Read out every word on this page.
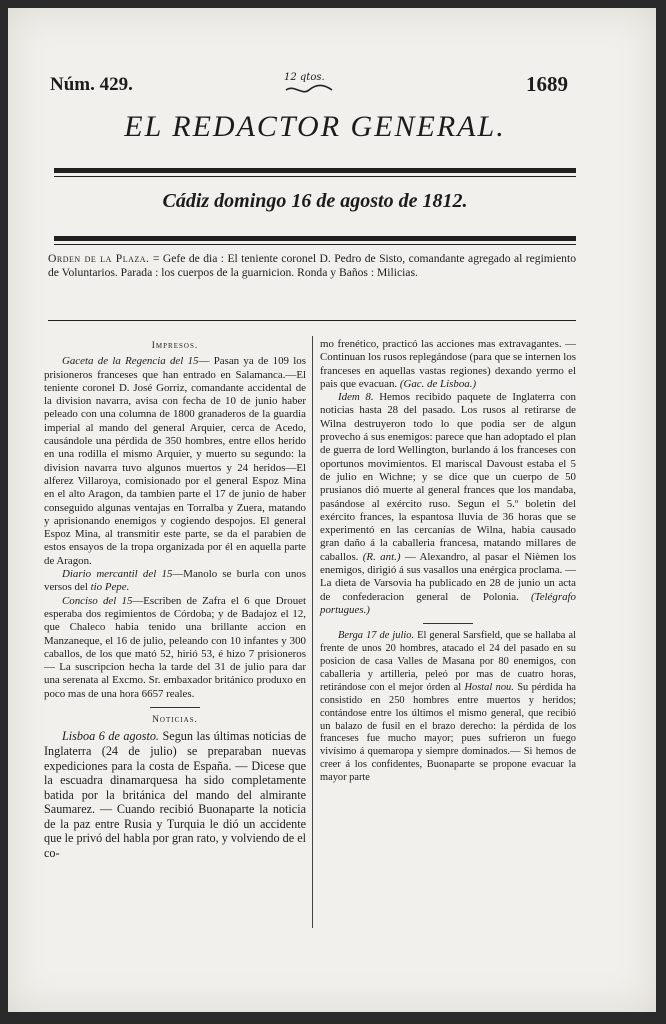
Núm. 429.	12 qtos.	1689
EL REDACTOR GENERAL.
Cádiz domingo 16 de agosto de 1812.
Orden de la Plaza. = Gefe de dia : El teniente coronel D. Pedro de Sisto, comandante agregado al regimiento de Voluntarios. Parada : los cuerpos de la guarnicion. Ronda y Baños : Milicias.
Impresos.

Gaceta de la Regencia del 15— Pasan ya de 109 los prisioneros franceses que han entrado en Salamanca.—El teniente coronel D. José Gorriz, comandante accidental de la division navarra, avisa con fecha de 10 de junio haber peleado con una columna de 1800 granaderos de la guardia imperial al mando del general Arquier, cerca de Acedo, causándole una pérdida de 350 hombres, entre ellos herido en una rodilla el mismo Arquier, y muerto su segundo: la division navarra tuvo algunos muertos y 24 heridos—El alferez Villaroya, comisionado por el general Espoz Mina en el alto Aragon, da tambien parte el 17 de junio de haber conseguido algunas ventajas en Torralba y Zuera, matando y aprisionando enemigos y cogiendo despojos. El general Espoz Mina, al transmitir este parte, se da el parabien de estos ensayos de la tropa organizada por él en aquella parte de Aragon.

Diario mercantil del 15—Manolo se burla con unos versos del tio Pepe.

Conciso del 15—Escriben de Zafra el 6 que Drouet esperaba dos regimientos de Córdoba; y de Badajoz el 12, que Chaleco habia tenido una brillante accion en Manzaneque, el 16 de julio, peleando con 10 infantes y 300 caballos, de los que mató 52, hirió 53, é hizo 7 prisioneros— La suscripcion hecha la tarde del 31 de julio para dar una serenata al Excmo. Sr. embaxador británico produxo en poco mas de una hora 6657 reales.

Noticias.

Lisboa 6 de agosto. Segun las últimas noticias de Inglaterra (24 de julio) se preparaban nuevas expediciones para la costa de España. — Dicese que la escuadra dinamarquesa ha sido completamente batida por la británica del mando del almirante Saumarez. — Cuando recibió Buonaparte la noticia de la paz entre Rusia y Turquia le dió un accidente que le privó del habla por gran rato, y volviendo de el co-

mo frenético, practicó las acciones mas extravagantes. — Continuan los rusos replegándose (para que se internen los franceses en aquellas vastas regiones) dexando yermo el pais que evacuan. (Gac. de Lisboa.)

Idem 8. Hemos recibido paquete de Inglaterra con noticias hasta 28 del pasado. Los rusos al retirarse de Wilna destruyeron todo lo que podia ser de algun provecho á sus enemigos: parece que han adoptado el plan de guerra de lord Wellington, burlando á los franceses con oportunos movimientos. El mariscal Davoust estaba el 5 de julio en Wichne; y se dice que un cuerpo de 50 prusianos dió muerte al general frances que los mandaba, pasándose al exército ruso. Segun el 5.º boletin del exército frances, la espantosa lluvia de 36 horas que se experimentó en las cercanías de Wilna, habia causado gran daño á la caballeria francesa, matando millares de caballos. (R. ant.) — Alexandro, al pasar el Nièmen los enemigos, dirigió á sus vasallos una enérgica proclama. — La dieta de Varsovia ha publicado en 28 de junio un acta de confederacion general de Polonia. (Telégrafo portugues.)

Berga 17 de julio. El general Sarsfield, que se hallaba al frente de unos 20 hombres, atacado el 24 del pasado en su posicion de casa Valles de Masana por 80 enemigos, con caballeria y artilleria, peleó por mas de cuatro horas, retirándose con el mejor órden al Hostal nou. Su pérdida ha consistido en 250 hombres entre muertos y heridos; contándose entre los últimos el mismo general, que recibió un balazo de fusil en el brazo derecho: la pérdida de los franceses fue mucho mayor; pues sufrieron un fuego vivísimo á quemaropa y siempre dominados.— Si hemos de creer á los confidentes, Buonaparte se propone evacuar la mayor parte
